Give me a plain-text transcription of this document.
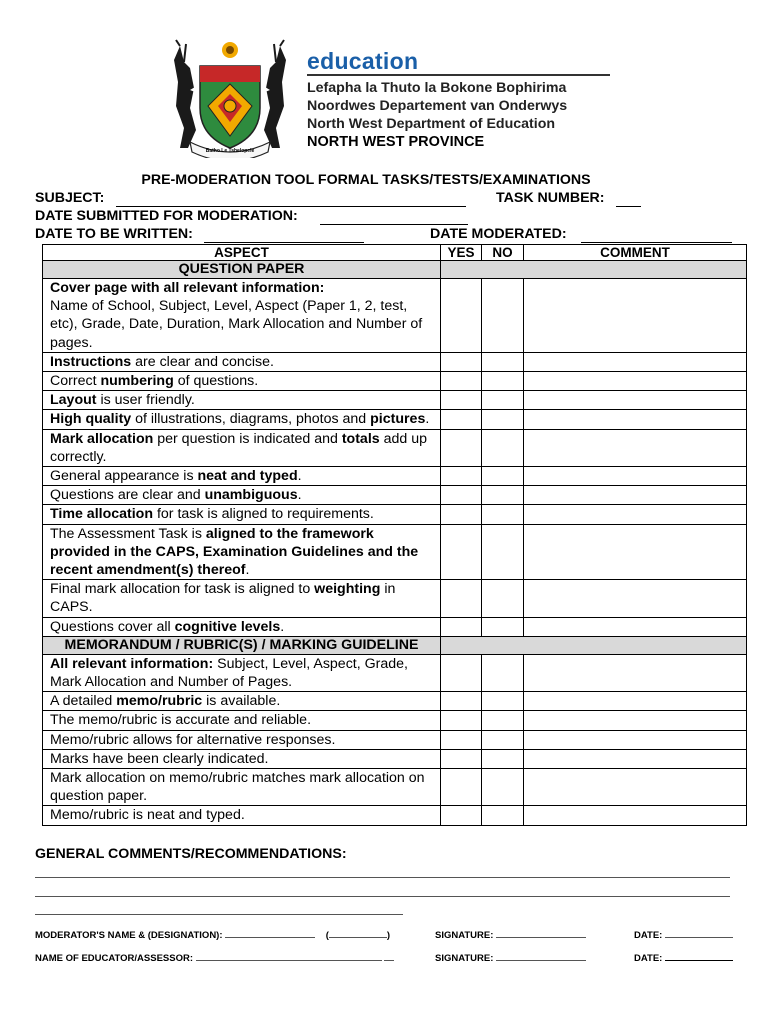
Batho Le Tshelopele
education
Lefapha la Thuto la Bokone Bophirima
Noordwes Departement van Onderwys
North West Department of Education
NORTH WEST PROVINCE
PRE-MODERATION TOOL FORMAL TASKS/TESTS/EXAMINATIONS
SUBJECT:	TASK NUMBER:
DATE SUBMITTED FOR MODERATION:
DATE TO BE WRITTEN:	DATE MODERATED:
ASPECT	YES	NO	COMMENT
QUESTION PAPER			
Cover page with all relevant information:
Name of School, Subject, Level, Aspect (Paper 1, 2, test, etc), Grade, Date, Duration, Mark Allocation and Number of pages.			
Instructions are clear and concise.			
Correct numbering of questions.			
Layout is user friendly.			
High quality of illustrations, diagrams, photos and pictures.			
Mark allocation per question is indicated and totals add up correctly.			
General appearance is neat and typed.			
Questions are clear and unambiguous.			
Time allocation for task is aligned to requirements.			
The Assessment Task is aligned to the framework provided in the CAPS, Examination Guidelines and the recent amendment(s) thereof.			
Final mark allocation for task is aligned to weighting in CAPS.			
Questions cover all cognitive levels.			
MEMORANDUM / RUBRIC(S) / MARKING GUIDELINE			
All relevant information: Subject, Level, Aspect, Grade, Mark Allocation and Number of Pages.			
A detailed memo/rubric is available.			
The memo/rubric is accurate and reliable.			
Memo/rubric allows for alternative responses.			
Marks have been clearly indicated.			
Mark allocation on memo/rubric matches mark allocation on question paper.			
Memo/rubric is neat and typed.			
GENERAL COMMENTS/RECOMMENDATIONS:
MODERATOR'S NAME & (DESIGNATION):	(	)	SIGNATURE:	DATE:
NAME OF EDUCATOR/ASSESSOR:	SIGNATURE:	DATE:
